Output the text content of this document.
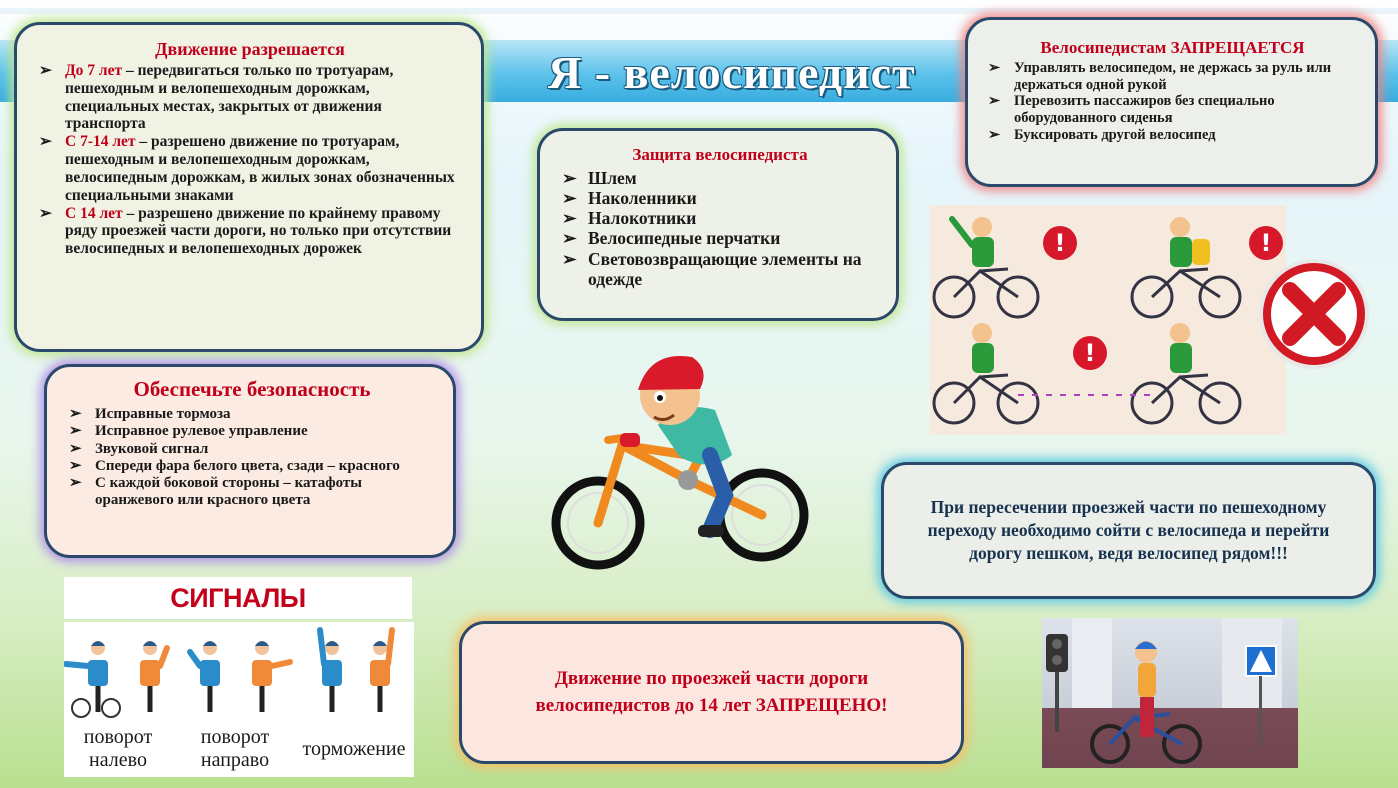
Я - велосипедист
Движение разрешается
➢ До 7 лет – передвигаться только по тротуарам, пешеходным и велопешеходным дорожкам, специальных местах, закрытых от движения транспорта
➢ С 7-14 лет – разрешено движение по тротуарам, пешеходным и велопешеходным дорожкам, велосипедным дорожкам, в жилых зонах обозначенных специальными знаками
➢ С 14 лет – разрешено движение по крайнему правому ряду проезжей части дороги, но только при отсутствии велосипедных и велопешеходных дорожек
Защита велосипедиста
➢ Шлем
➢ Наколенники
➢ Налокотники
➢ Велосипедные перчатки
➢ Световозвращающие элементы на одежде
Велосипедистам ЗАПРЕЩАЕТСЯ
➢ Управлять велосипедом, не держась за руль или держаться одной рукой
➢ Перевозить пассажиров без специально оборудованного сиденья
➢ Буксировать другой велосипед
Обеспечьте безопасность
➢ Исправные тормоза
➢ Исправное рулевое управление
➢ Звуковой сигнал
➢ Спереди фара белого цвета, сзади – красного
➢ С каждой боковой стороны – катафоты оранжевого или красного цвета	При пересечении проезжей части по пешеходному переходу необходимо сойти с велосипеда и перейти дорогу пешком, ведя велосипед рядом!!!
Движение по проезжей части дороги велосипедистов до 14 лет ЗАПРЕЩЕНО!
СИГНАЛЫ
поворот налево
поворот направо	торможение
!	!
!
